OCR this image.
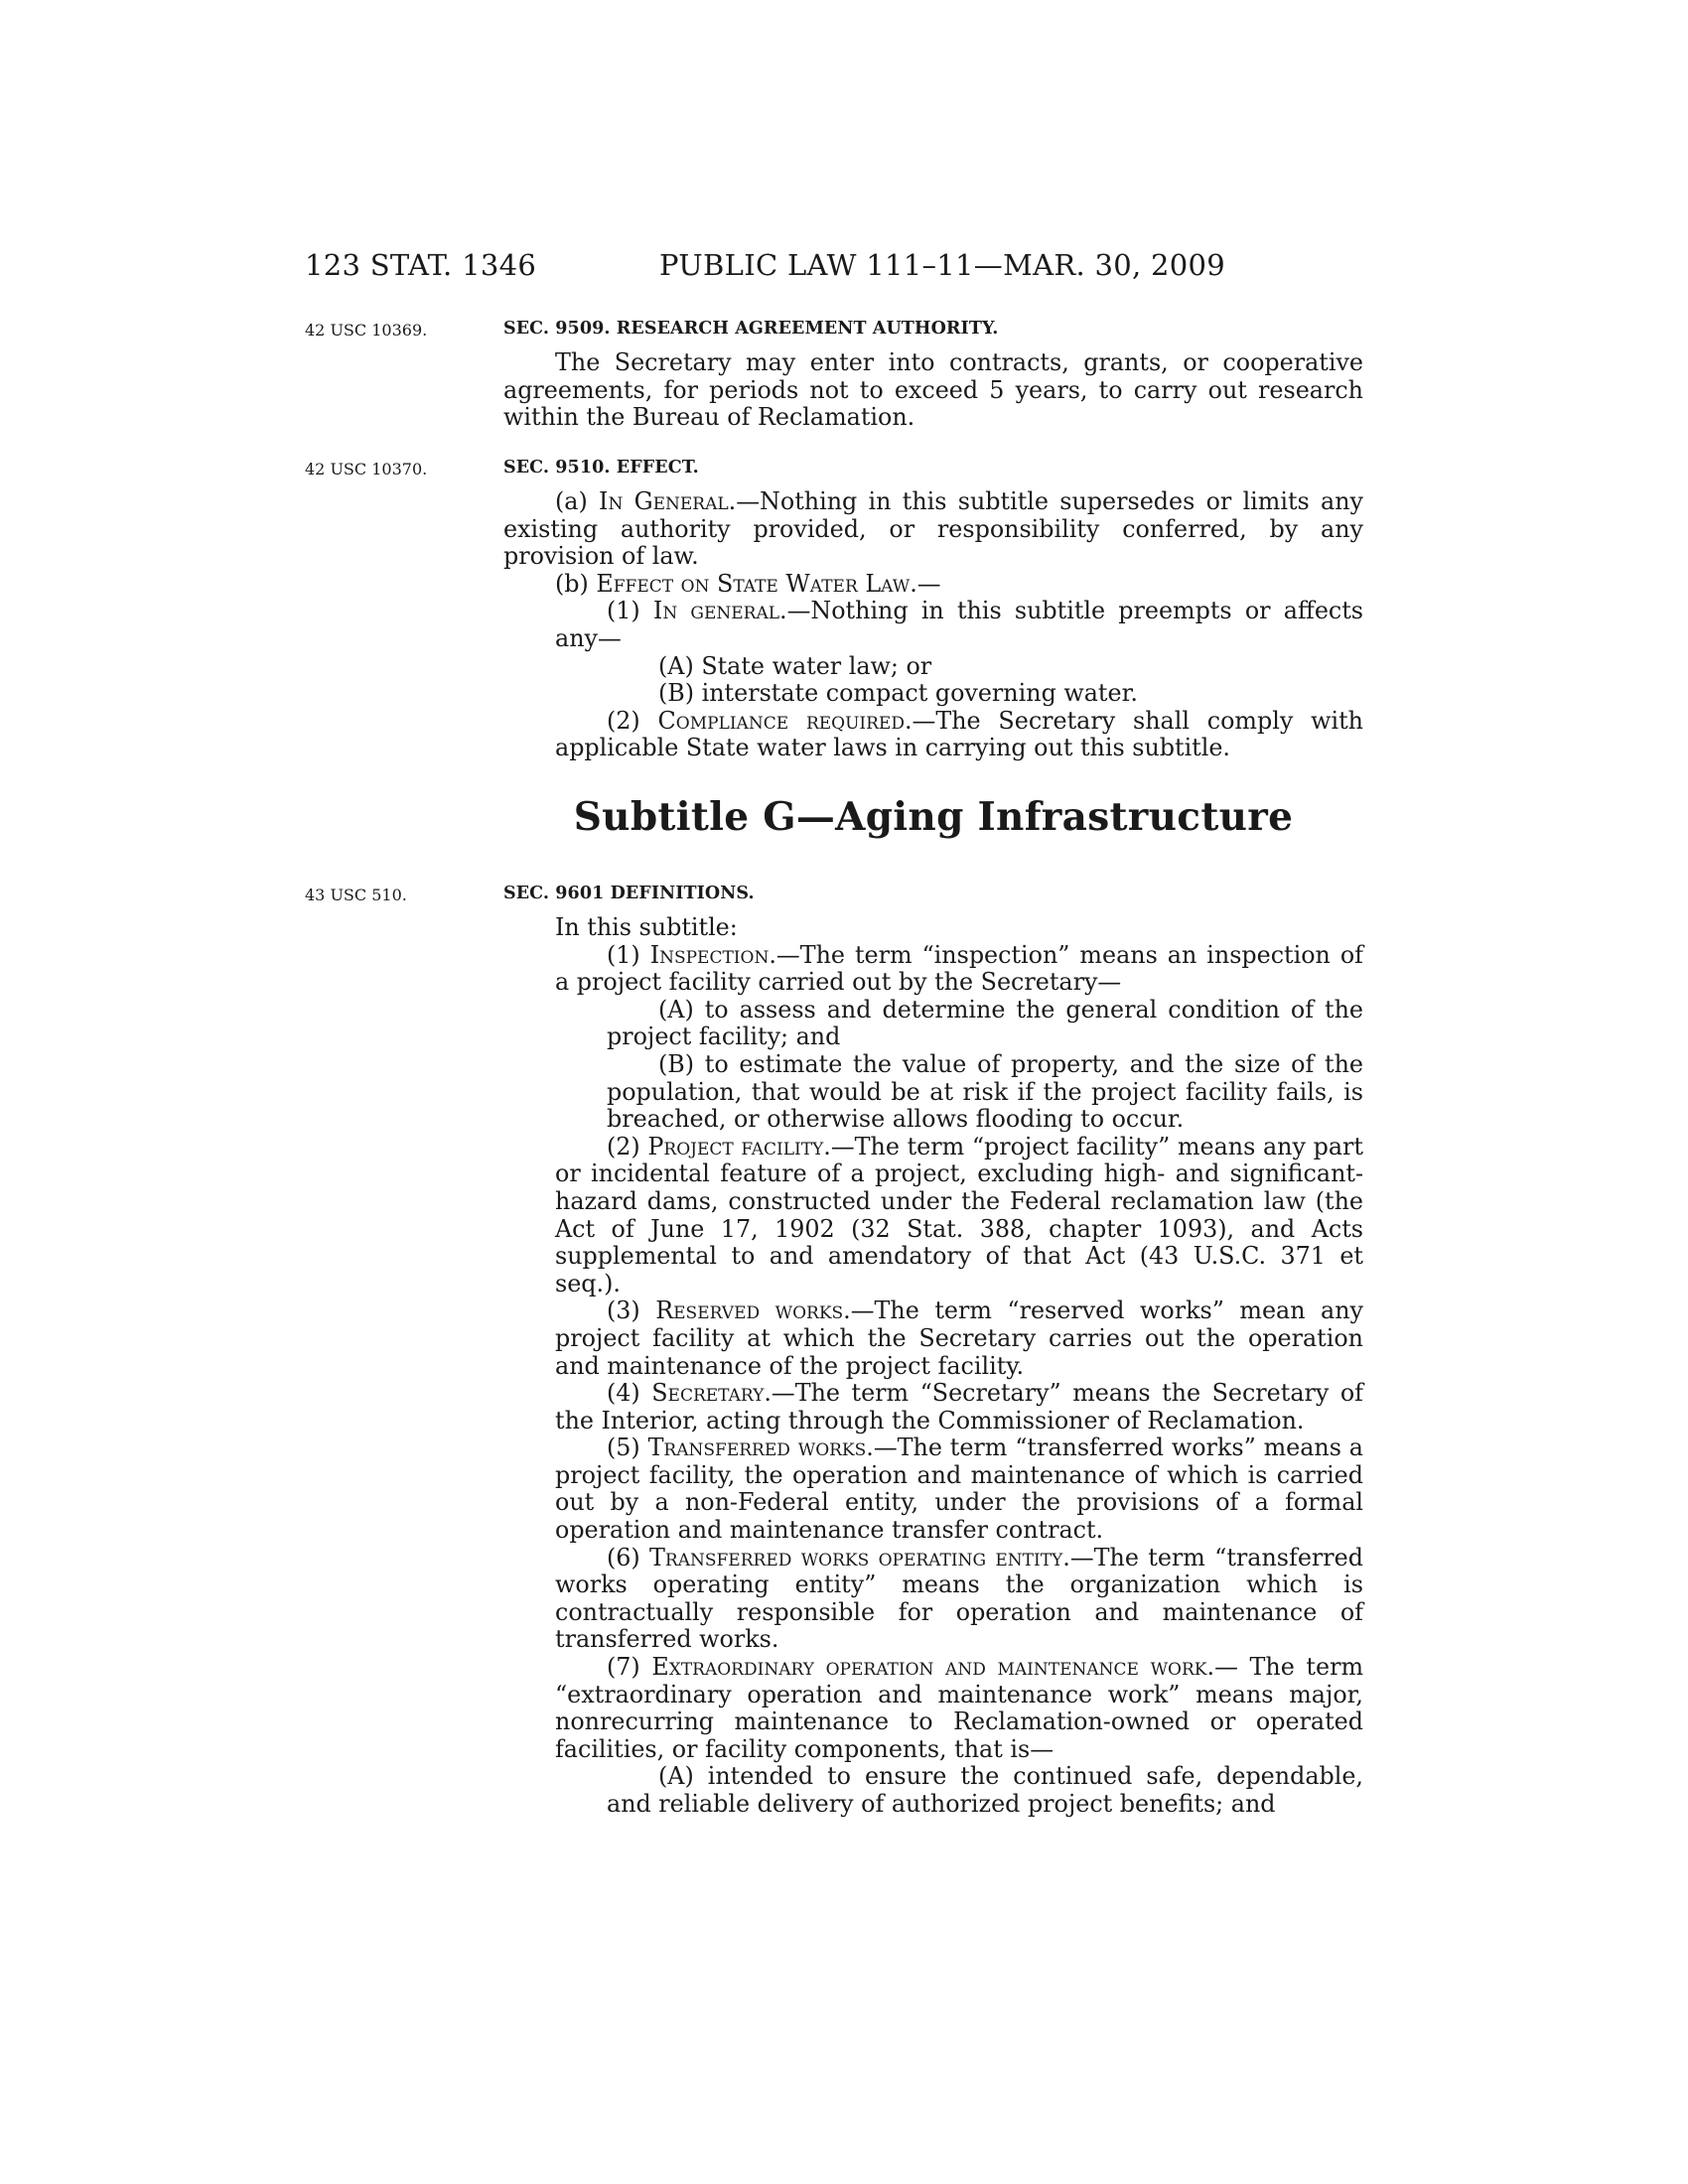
123 STAT. 1346	PUBLIC LAW 111–11—MAR. 30, 2009
42 USC 10369.
42 USC 10370.
43 USC 510.
SEC. 9509. RESEARCH AGREEMENT AUTHORITY.
The Secretary may enter into contracts, grants, or cooperative agreements, for periods not to exceed 5 years, to carry out research within the Bureau of Reclamation.
SEC. 9510. EFFECT.
(a) In General.—Nothing in this subtitle supersedes or limits any existing authority provided, or responsibility conferred, by any provision of law.
(b) Effect on State Water Law.—
(1) In general.—Nothing in this subtitle preempts or affects any—
(A) State water law; or
(B) interstate compact governing water.
(2) Compliance required.—The Secretary shall comply with applicable State water laws in carrying out this subtitle.
Subtitle G—Aging Infrastructure
SEC. 9601 DEFINITIONS.
In this subtitle:
(1) Inspection.—The term “inspection” means an inspection of a project facility carried out by the Secretary—
(A) to assess and determine the general condition of the project facility; and
(B) to estimate the value of property, and the size of the population, that would be at risk if the project facility fails, is breached, or otherwise allows flooding to occur.
(2) Project facility.—The term “project facility” means any part or incidental feature of a project, excluding high- and significant-hazard dams, constructed under the Federal reclamation law (the Act of June 17, 1902 (32 Stat. 388, chapter 1093), and Acts supplemental to and amendatory of that Act (43 U.S.C. 371 et seq.).
(3) Reserved works.—The term “reserved works” mean any project facility at which the Secretary carries out the operation and maintenance of the project facility.
(4) Secretary.—The term “Secretary” means the Secretary of the Interior, acting through the Commissioner of Reclamation.
(5) Transferred works.—The term “transferred works” means a project facility, the operation and maintenance of which is carried out by a non-Federal entity, under the provisions of a formal operation and maintenance transfer contract.
(6) Transferred works operating entity.—The term “transferred works operating entity” means the organization which is contractually responsible for operation and maintenance of transferred works.
(7) Extraordinary operation and maintenance work.— The term “extraordinary operation and maintenance work” means major, nonrecurring maintenance to Reclamation-owned or operated facilities, or facility components, that is—
(A) intended to ensure the continued safe, dependable, and reliable delivery of authorized project benefits; and
